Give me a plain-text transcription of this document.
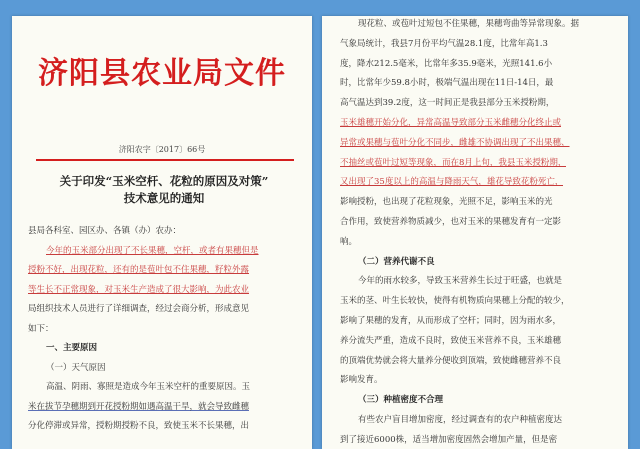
济阳县农业局文件
济阳农字〔2017〕66号
关于印发“玉米空杆、花粒的原因及对策”
技术意见的通知
县局各科室、园区办、各镇（办）农办：
今年的玉米部分出现了不长果穗，空杆，或者有果穗但是
授粉不好，出现花粒，还有的是苞叶包不住果穗，籽粒外露
等生长不正常现象，对玉米生产造成了很大影响，为此农业
局组织技术人员进行了详细调查，经过会商分析，形成意见
如下：
一、主要原因
（一）天气原因
高温、阴雨、寡照是造成今年玉米空杆的重要原因。玉
米在拔节孕穗期到开花授粉期如遇高温干旱，就会导致雌穗
分化停滞或异常，授粉期授粉不良，致使玉米不长果穗，出
现花粒、或苞叶过短包不住果穗，果穗弯曲等异常现象。据
气象局统计，我县7月份平均气温28.1度，比常年高1.3
度，降水212.5毫米，比常年多35.9毫米，光照141.6小
时，比常年少59.8小时，极端气温出现在11日-14日，最
高气温达到39.2度，这一时间正是我县部分玉米授粉期，
玉米雄穗开始分化，异常高温导致部分玉米雌穗分化终止或
异常或果穗与苞叶分化不同步，雌雄不协调出现了不出果穗、
不抽丝或苞叶过短等现象，而在8月上旬，我县玉米授粉期，
又出现了35度以上的高温与降雨天气，雄花导致花粉死亡，
影响授粉，也出现了花粒现象，光照不足，影响玉米的光
合作用，致使营养物质减少，也对玉米的果穗发育有一定影
响。
（二）营养代谢不良
今年的雨水较多，导致玉米营养生长过于旺盛，也就是
玉米的茎、叶生长较快，使得有机物质向果穗上分配的较少，
影响了果穗的发育，从而形成了空杆；同时，因为雨水多，
养分流失严重，造成不良时，致使玉米营养不良，玉米雄穗
的顶端优势就会将大量养分便收到顶端，致使雌穗营养不良
影响发育。
（三）种植密度不合理
有些农户盲目增加密度，经过调查有的农户种植密度达
到了接近6000株，适当增加密度固然会增加产量，但是密
